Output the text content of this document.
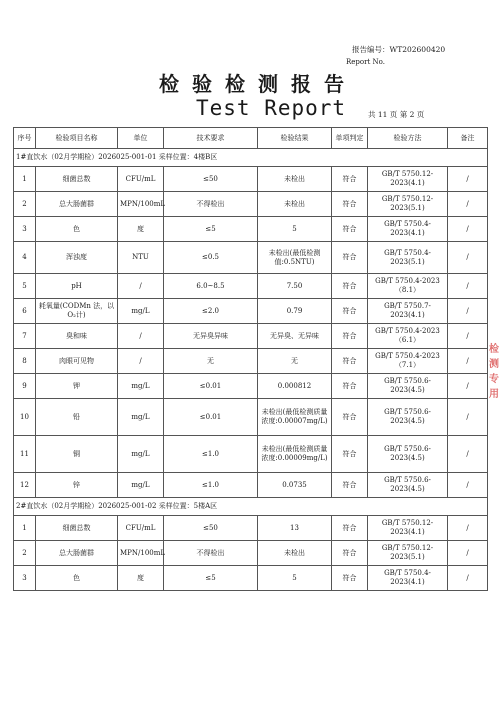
报告编号：WT202600420
Report No.
检验检测报告
Test Report	共 11 页 第 2 页
序号	检验项目名称	单位	技术要求	检验结果	单项判定	检验方法	备注
1#直饮水（02月学期检）2026025-001-01 采样位置：4楼B区							
1	细菌总数	CFU/mL	≤50	未检出	符合	GB/T 5750.12-2023(4.1)	/
2	总大肠菌群	MPN/100mL	不得检出	未检出	符合	GB/T 5750.12-2023(5.1)	/
3	色	度	≤5	5	符合	GB/T 5750.4-2023(4.1)	/
4	浑浊度	NTU	≤0.5	未检出(最低检测值:0.5NTU)	符合	GB/T 5750.4-2023(5.1)	/
5	pH	/	6.0~8.5	7.50	符合	GB/T 5750.4-2023（8.1）	/
6	耗氧量(CODMn 法，以 O₂计)	mg/L	≤2.0	0.79	符合	GB/T 5750.7-2023(4.1)	/
7	臭和味	/	无异臭异味	无异臭、无异味	符合	GB/T 5750.4-2023（6.1）	/
8	肉眼可见物	/	无	无	符合	GB/T 5750.4-2023（7.1）	/
9	钾	mg/L	≤0.01	0.000812	符合	GB/T 5750.6-2023(4.5)	/
10	铅	mg/L	≤0.01	未检出(最低检测质量浓度:0.00007mg/L)	符合	GB/T 5750.6-2023(4.5)	/
11	铜	mg/L	≤1.0	未检出(最低检测质量浓度:0.00009mg/L)	符合	GB/T 5750.6-2023(4.5)	/
12	锌	mg/L	≤1.0	0.0735	符合	GB/T 5750.6-2023(4.5)	/
2#直饮水（02月学期检）2026025-001-02 采样位置：5楼A区							
1	细菌总数	CFU/mL	≤50	13	符合	GB/T 5750.12-2023(4.1)	/
2	总大肠菌群	MPN/100mL	不得检出	未检出	符合	GB/T 5750.12-2023(5.1)	/
3	色	度	≤5	5	符合	GB/T 5750.4-2023(4.1)	/
检
测
专
用
